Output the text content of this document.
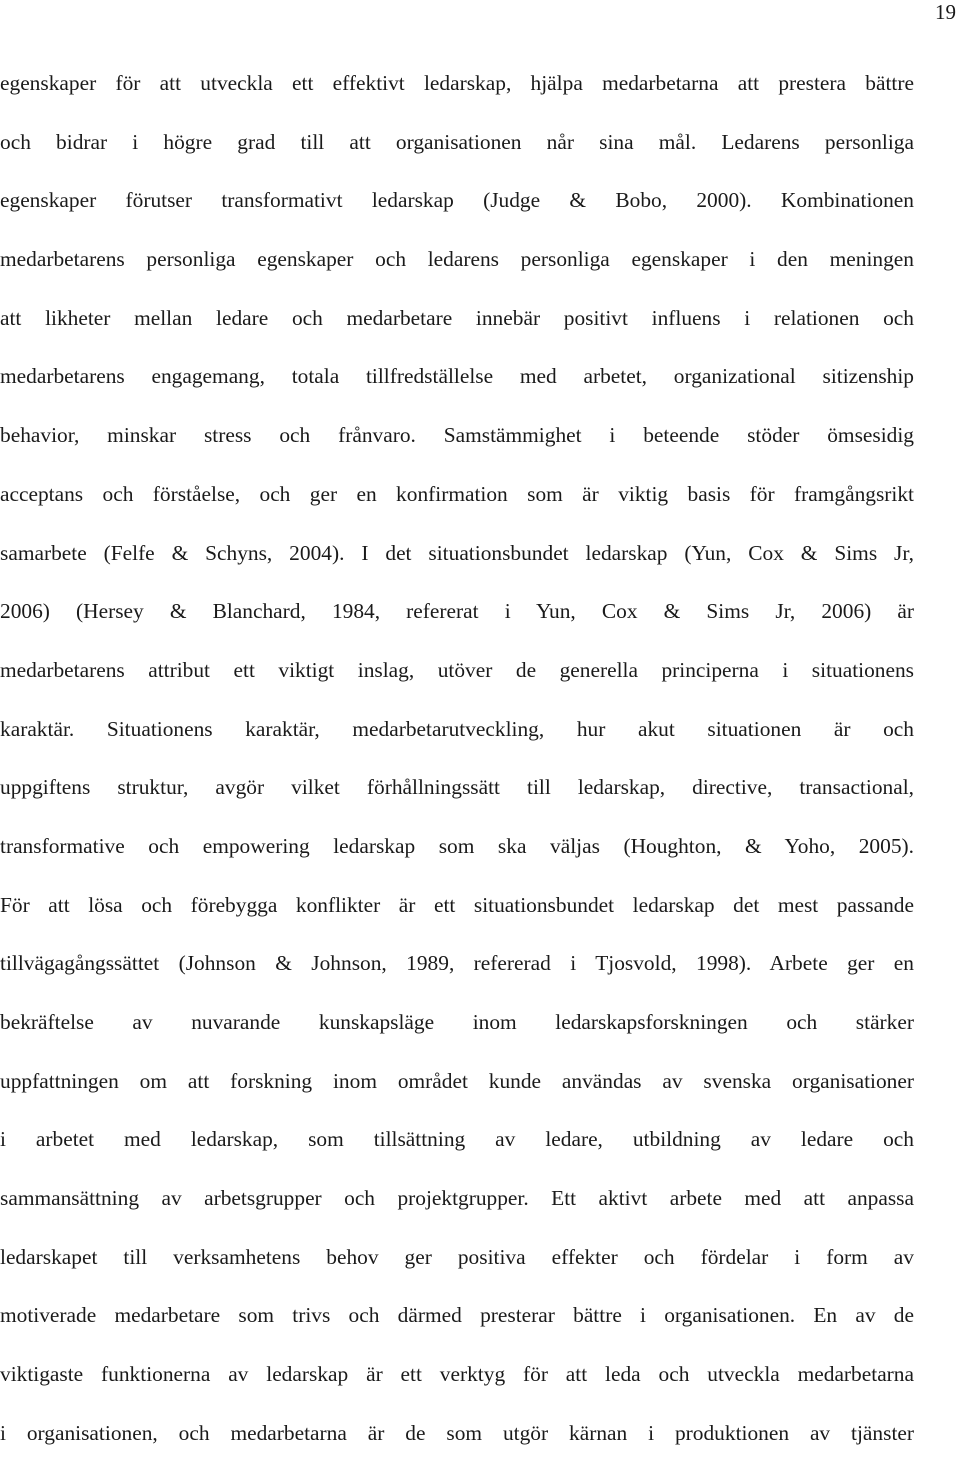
19
egenskaper för att utveckla ett effektivt ledarskap, hjälpa medarbetarna att prestera bättre
och bidrar i högre grad till att organisationen når sina mål. Ledarens personliga
egenskaper förutser transformativt ledarskap (Judge & Bobo, 2000). Kombinationen
medarbetarens personliga egenskaper och ledarens personliga egenskaper i den meningen
att likheter mellan ledare och medarbetare innebär positivt influens i relationen och
medarbetarens engagemang, totala tillfredställelse med arbetet, organizational sitizenship
behavior, minskar stress och frånvaro. Samstämmighet i beteende stöder ömsesidig
acceptans och förståelse, och ger en konfirmation som är viktig basis för framgångsrikt
samarbete (Felfe & Schyns, 2004). I det situationsbundet ledarskap (Yun, Cox & Sims Jr,
2006) (Hersey & Blanchard, 1984, refererat i Yun, Cox & Sims Jr, 2006) är
medarbetarens attribut ett viktigt inslag, utöver de generella principerna i situationens
karaktär. Situationens karaktär, medarbetarutveckling, hur akut situationen är och
uppgiftens struktur, avgör vilket förhållningssätt till ledarskap, directive, transactional,
transformative och empowering ledarskap som ska väljas (Houghton, & Yoho, 2005).
För att lösa och förebygga konflikter är ett situationsbundet ledarskap det mest passande
tillvägagångssättet (Johnson & Johnson, 1989, refererad i Tjosvold, 1998). Arbete ger en
bekräftelse av nuvarande kunskapsläge inom ledarskapsforskningen och stärker
uppfattningen om att forskning inom området kunde användas av svenska organisationer
i arbetet med ledarskap, som tillsättning av ledare, utbildning av ledare och
sammansättning av arbetsgrupper och projektgrupper. Ett aktivt arbete med att anpassa
ledarskapet till verksamhetens behov ger positiva effekter och fördelar i form av
motiverade medarbetare som trivs och därmed presterar bättre i organisationen. En av de
viktigaste funktionerna av ledarskap är ett verktyg för att leda och utveckla medarbetarna
i organisationen, och medarbetarna är de som utgör kärnan i produktionen av tjänster
